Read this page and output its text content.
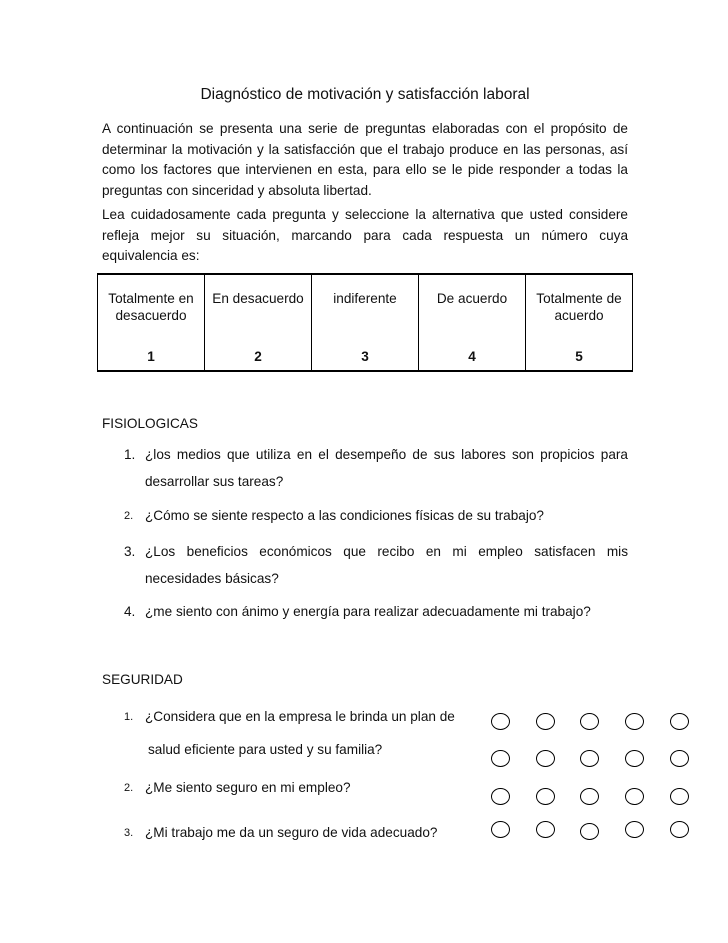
Diagnóstico de motivación y satisfacción laboral
A continuación se presenta una serie de preguntas elaboradas con el propósito de determinar la motivación y la satisfacción que el trabajo produce en las personas, así como los factores que intervienen en esta, para ello se le pide responder a todas la preguntas con sinceridad y absoluta libertad.
Lea cuidadosamente cada pregunta y seleccione la alternativa que usted considere refleja mejor su situación, marcando para cada respuesta un número cuya equivalencia es:
Totalmente en desacuerdo	En desacuerdo	indiferente	De acuerdo	Totalmente de acuerdo
1	2	3	4	5
FISIOLOGICAS
1. ¿los medios que utiliza en el desempeño de sus labores son propicios para desarrollar sus tareas?
2. ¿Cómo se siente respecto a las condiciones físicas de su trabajo?
3. ¿Los beneficios económicos que recibo en mi empleo satisfacen mis necesidades básicas?
4. ¿me siento con ánimo y energía para realizar adecuadamente mi trabajo?
SEGURIDAD
1. ¿Considera que en la empresa le brinda un plan de
salud eficiente para usted y su familia?
2. ¿Me siento seguro en mi empleo?
3. ¿Mi trabajo me da un seguro de vida adecuado?
